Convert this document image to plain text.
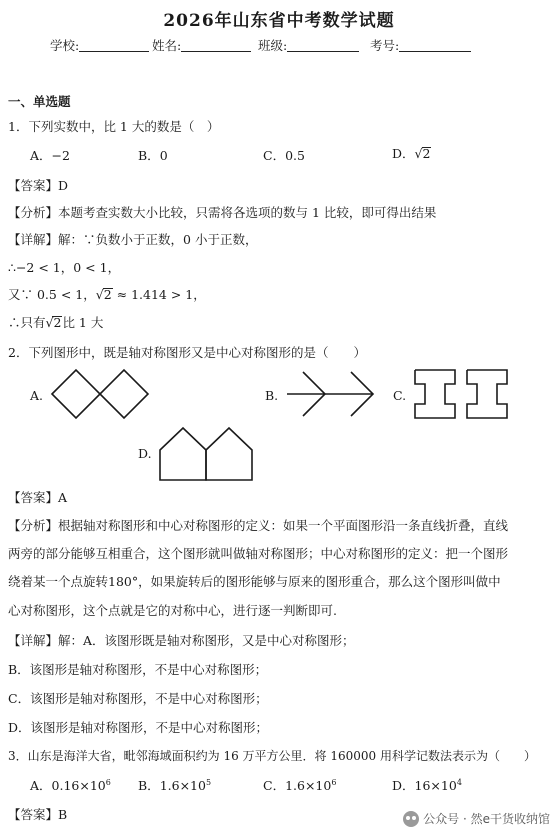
2026年山东省中考数学试题
学校:	姓名:	班级:	考号:
一、单选题
1．下列实数中，比 1 大的数是（　）
A．−2	B．0	C．0.5	D．√2
【答案】D
【分析】本题考查实数大小比较，只需将各选项的数与 1 比较，即可得出结果
【详解】解：∵负数小于正数，0 小于正数，
∴−2 < 1，0 < 1，
又∵ 0.5 < 1，√2 ≈ 1.414 > 1，
∴只有√2比 1 大
2．下列图形中，既是轴对称图形又是中心对称图形的是（　　）
A.	B.	C.
D.
【答案】A
【分析】根据轴对称图形和中心对称图形的定义：如果一个平面图形沿一条直线折叠，直线
两旁的部分能够互相重合，这个图形就叫做轴对称图形；中心对称图形的定义：把一个图形
绕着某一个点旋转180°，如果旋转后的图形能够与原来的图形重合，那么这个图形叫做中
心对称图形，这个点就是它的对称中心，进行逐一判断即可.
【详解】解：A．该图形既是轴对称图形，又是中心对称图形；
B．该图形是轴对称图形，不是中心对称图形；
C．该图形是轴对称图形，不是中心对称图形；
D．该图形是轴对称图形，不是中心对称图形；
3．山东是海洋大省，毗邻海域面积约为 16 万平方公里．将 160000 用科学记数法表示为（　　）
A．$0.16\times 10^6$ B．$1.6\times 10^5$	C．$1.6\times 10^6$	D．$16\times 10^4$
【答案】B	公众号 · 然e干货收纳馆
